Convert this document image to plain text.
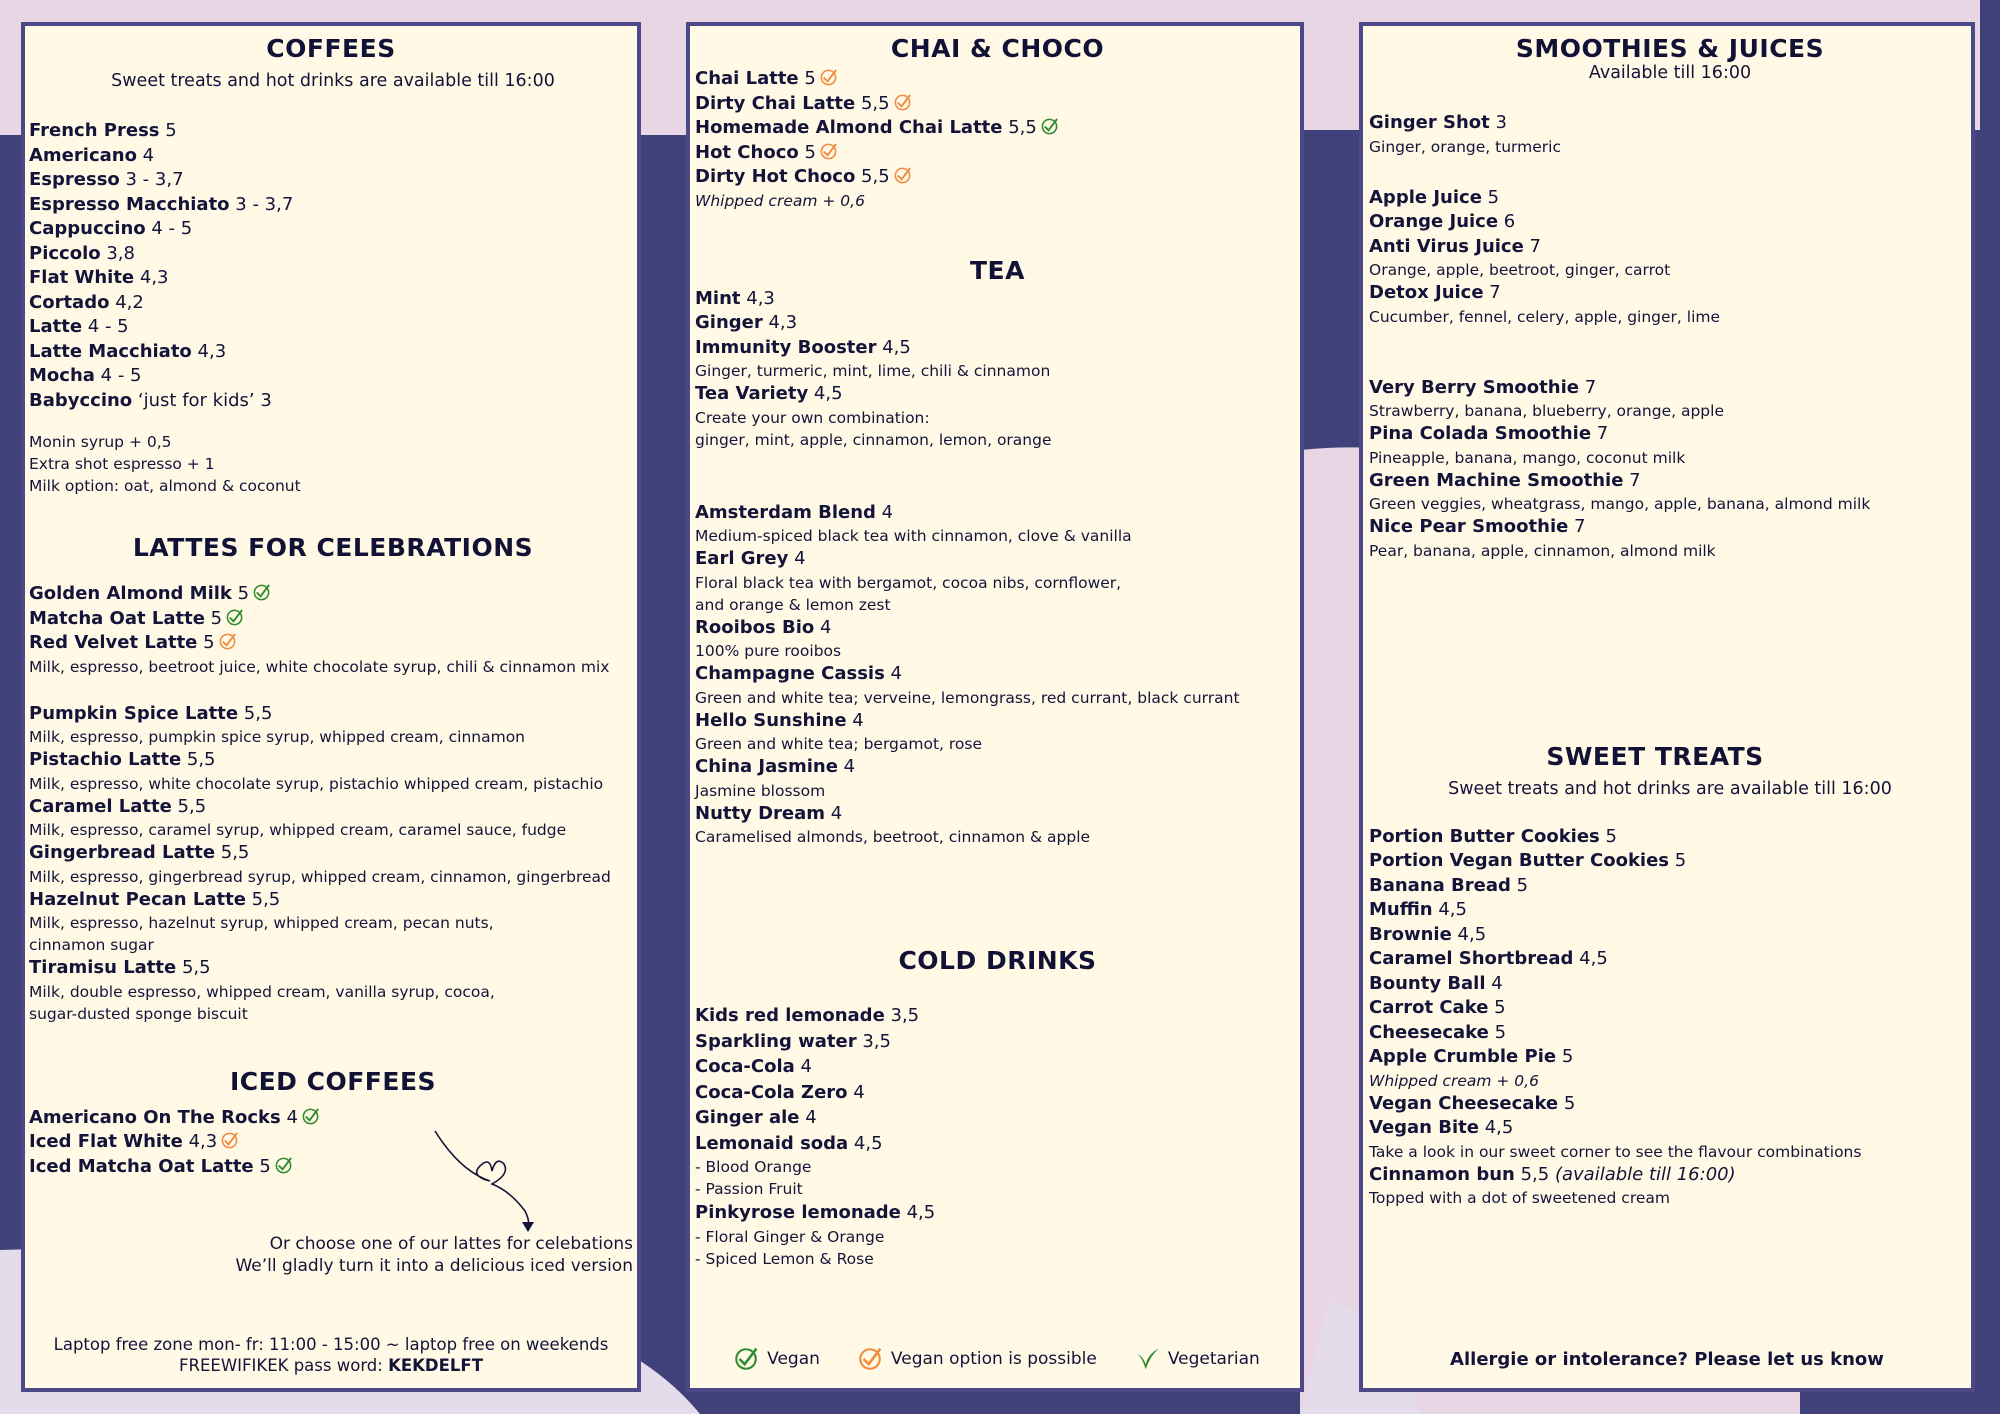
COFFEES
Sweet treats and hot drinks are available till 16:00
French Press 5
Americano 4
Espresso 3 - 3,7
Espresso Macchiato 3 - 3,7
Cappuccino 4 - 5
Piccolo 3,8
Flat White 4,3
Cortado 4,2
Latte 4 - 5
Latte Macchiato 4,3
Mocha 4 - 5
Babyccino ‘just for kids’ 3
Monin syrup + 0,5
Extra shot espresso + 1
Milk option: oat, almond & coconut
LATTES FOR CELEBRATIONS
Golden Almond Milk 5
Matcha Oat Latte 5
Red Velvet Latte 5
Milk, espresso, beetroot juice, white chocolate syrup, chili & cinnamon mix
Pumpkin Spice Latte 5,5
Milk, espresso, pumpkin spice syrup, whipped cream, cinnamon
Pistachio Latte 5,5
Milk, espresso, white chocolate syrup, pistachio whipped cream, pistachio
Caramel Latte 5,5
Milk, espresso, caramel syrup, whipped cream, caramel sauce, fudge
Gingerbread Latte 5,5
Milk, espresso, gingerbread syrup, whipped cream, cinnamon, gingerbread
Hazelnut Pecan Latte 5,5
Milk, espresso, hazelnut syrup, whipped cream, pecan nuts,
cinnamon sugar
Tiramisu Latte 5,5
Milk, double espresso, whipped cream, vanilla syrup, cocoa,
sugar-dusted sponge biscuit
ICED COFFEES
Americano On The Rocks 4
Iced Flat White 4,3
Iced Matcha Oat Latte 5
Or choose one of our lattes for celebations
We’ll gladly turn it into a delicious iced version
Laptop free zone mon- fr: 11:00 - 15:00 ~ laptop free on weekends
FREEWIFIKEK pass word: KEKDELFT
CHAI & CHOCO
Chai Latte 5
Dirty Chai Latte 5,5
Homemade Almond Chai Latte 5,5
Hot Choco 5
Dirty Hot Choco 5,5
Whipped cream + 0,6
TEA
Mint 4,3
Ginger 4,3
Immunity Booster 4,5
Ginger, turmeric, mint, lime, chili & cinnamon
Tea Variety 4,5
Create your own combination:
ginger, mint, apple, cinnamon, lemon, orange
Amsterdam Blend 4
Medium-spiced black tea with cinnamon, clove & vanilla
Earl Grey 4
Floral black tea with bergamot, cocoa nibs, cornflower,
and orange & lemon zest
Rooibos Bio 4
100% pure rooibos
Champagne Cassis 4
Green and white tea; verveine, lemongrass, red currant, black currant
Hello Sunshine 4
Green and white tea; bergamot, rose
China Jasmine 4
Jasmine blossom
Nutty Dream 4
Caramelised almonds, beetroot, cinnamon & apple
COLD DRINKS
Kids red lemonade 3,5
Sparkling water 3,5
Coca-Cola 4
Coca-Cola Zero 4
Ginger ale 4
Lemonaid soda 4,5
- Blood Orange
- Passion Fruit
Pinkyrose lemonade 4,5
- Floral Ginger & Orange
- Spiced Lemon & Rose
Vegan	Vegan option is possible	Vegetarian
SMOOTHIES & JUICES
Available till 16:00
Ginger Shot 3
Ginger, orange, turmeric
Apple Juice 5
Orange Juice 6
Anti Virus Juice 7
Orange, apple, beetroot, ginger, carrot
Detox Juice 7
Cucumber, fennel, celery, apple, ginger, lime
Very Berry Smoothie 7
Strawberry, banana, blueberry, orange, apple
Pina Colada Smoothie 7
Pineapple, banana, mango, coconut milk
Green Machine Smoothie 7
Green veggies, wheatgrass, mango, apple, banana, almond milk
Nice Pear Smoothie 7
Pear, banana, apple, cinnamon, almond milk
SWEET TREATS
Sweet treats and hot drinks are available till 16:00
Portion Butter Cookies 5
Portion Vegan Butter Cookies 5
Banana Bread 5
Muffin 4,5
Brownie 4,5
Caramel Shortbread 4,5
Bounty Ball 4
Carrot Cake 5
Cheesecake 5
Apple Crumble Pie 5
Whipped cream + 0,6
Vegan Cheesecake 5
Vegan Bite 4,5
Take a look in our sweet corner to see the flavour combinations
Cinnamon bun 5,5 (available till 16:00)
Topped with a dot of sweetened cream
Allergie or intolerance? Please let us know
